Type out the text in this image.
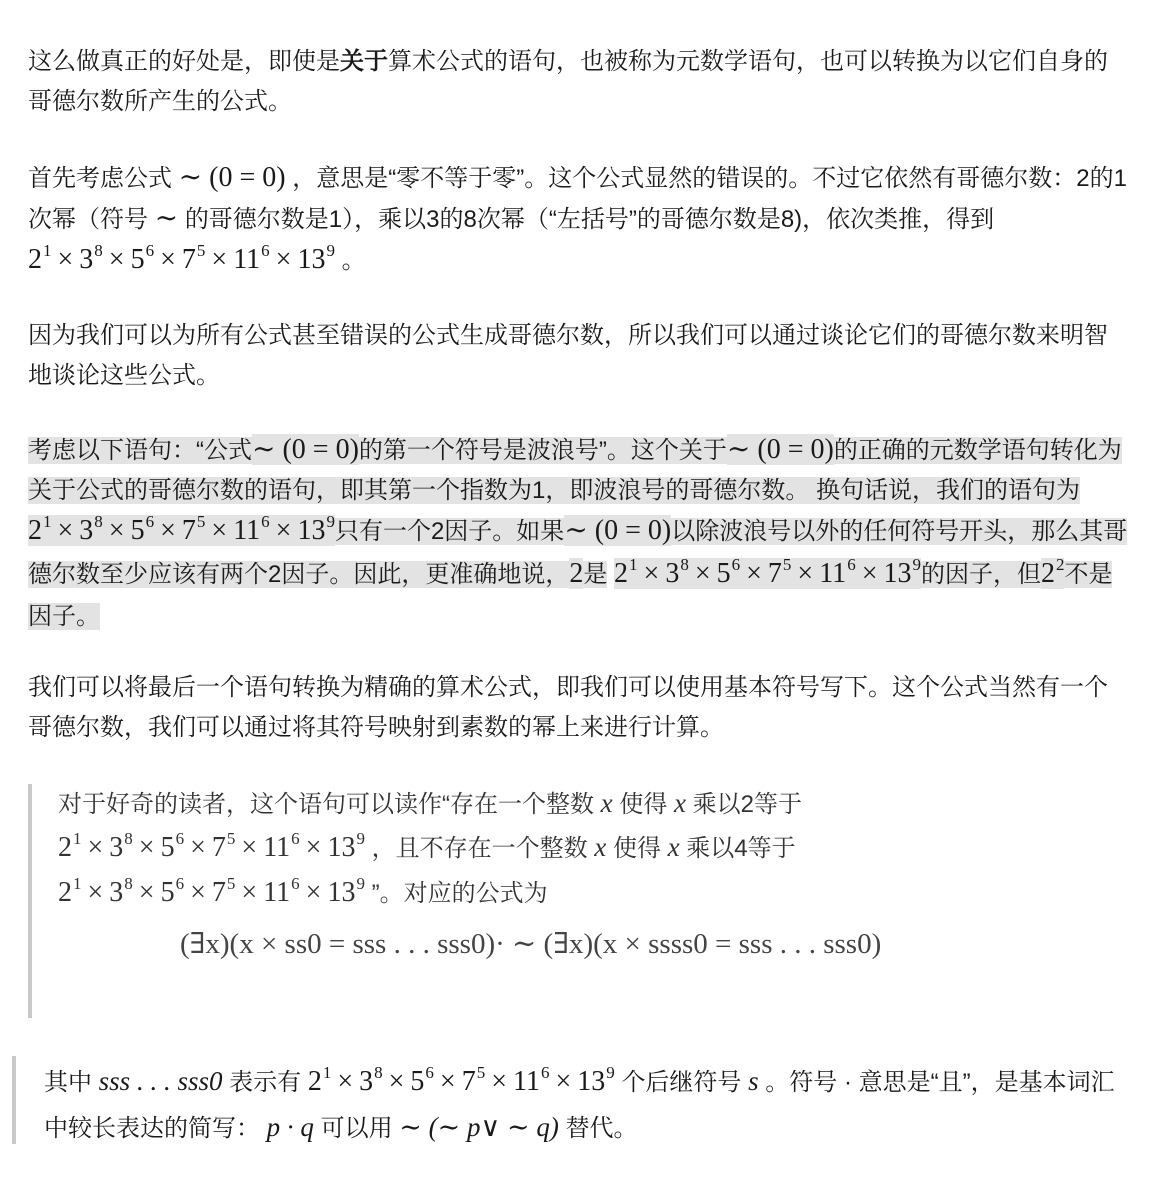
这么做真正的好处是，即使是关于算术公式的语句，也被称为元数学语句，也可以转换为以它们自身的哥德尔数所产生的公式。

首先考虑公式 ∼ (0 = 0) ，意思是“零不等于零”。这个公式显然的错误的。不过它依然有哥德尔数：2的1次幂（符号 ∼ 的哥德尔数是1），乘以3的8次幂（“左括号”的哥德尔数是8)，依次类推，得到 $2^1 \times 3^8 \times 5^6 \times 7^5 \times 11^6 \times 13^9$ 。

因为我们可以为所有公式甚至错误的公式生成哥德尔数，所以我们可以通过谈论它们的哥德尔数来明智地谈论这些公式。

考虑以下语句：“公式∼ (0 = 0)的第一个符号是波浪号”。这个关于∼ (0 = 0)的正确的元数学语句转化为关于公式的哥德尔数的语句，即其第一个指数为1，即波浪号的哥德尔数。 换句话说，我们的语句为$2^1 \times 3^8 \times 5^6 \times 7^5 \times 11^6 \times 13^9$只有一个2因子。如果∼ (0 = 0)以除波浪号以外的任何符号开头，那么其哥德尔数至少应该有两个2因子。因此，更准确地说，2是 $2^1 \times 3^8 \times 5^6 \times 7^5 \times 11^6 \times 13^9$的因子，但$2^2$不是因子。

我们可以将最后一个语句转换为精确的算术公式，即我们可以使用基本符号写下。这个公式当然有一个哥德尔数，我们可以通过将其符号映射到素数的幂上来进行计算。

对于好奇的读者，这个语句可以读作“存在一个整数 x 使得 x 乘以2等于
$2^1 \times 3^8 \times 5^6 \times 7^5 \times 11^6 \times 13^9$ ，且不存在一个整数 x 使得 x 乘以4等于
$2^1 \times 3^8 \times 5^6 \times 7^5 \times 11^6 \times 13^9$ ”。对应的公式为
(∃x)(x × ss0 = sss . . . sss0)· ∼ (∃x)(x × ssss0 = sss . . . sss0)
其中 sss . . . sss0 表示有 $2^1 \times 3^8 \times 5^6 \times 7^5 \times 11^6 \times 13^9$ 个后继符号 s 。符号 · 意思是“且”，是基本词汇中较长表达的简写： p · q 可以用 ∼ (∼ p∨ ∼ q) 替代。
